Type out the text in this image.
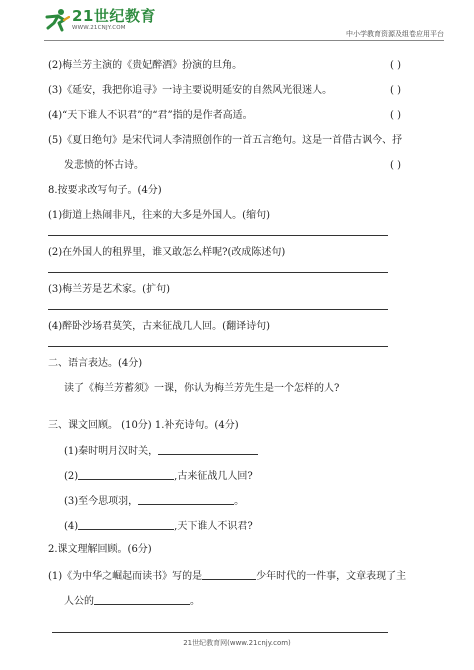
21世纪教育
WWW.21CNJY.COM
中小学教育资源及组卷应用平台
(2)梅兰芳主演的《贵妃醉酒》扮演的旦角。	( )
(3)《延安，我把你追寻》一诗主要说明延安的自然风光很迷人。	( )
(4)“天下谁人不识君”的“君”指的是作者高适。	( )
(5)《夏日绝句》是宋代词人李清照创作的一首五言绝句。这是一首借古讽今、抒
发悲愤的怀古诗。	( )
8.按要求改写句子。(4分)
(1)街道上热闹非凡，往来的大多是外国人。(缩句)
(2)在外国人的租界里，谁又敢怎么样呢?(改成陈述句)
(3)梅兰芳是艺术家。(扩句)
(4)醉卧沙场君莫笑，古来征战几人回。(翻译诗句)
二、语言表达。(4分)
读了《梅兰芳蓄须》一课，你认为梅兰芳先生是一个怎样的人?
三、课文回顾。 (10分) 1.补充诗句。(4分)
(1)秦时明月汉时关，
(2)	,古来征战几人回?
(3)至今思项羽，	。
(4)	,天下谁人不识君?
2.课文理解回顾。(6分)
(1)《为中华之崛起而读书》写的是	少年时代的一件事，文章表现了主
人公的	。
21世纪教育网(www.21cnjy.com)
